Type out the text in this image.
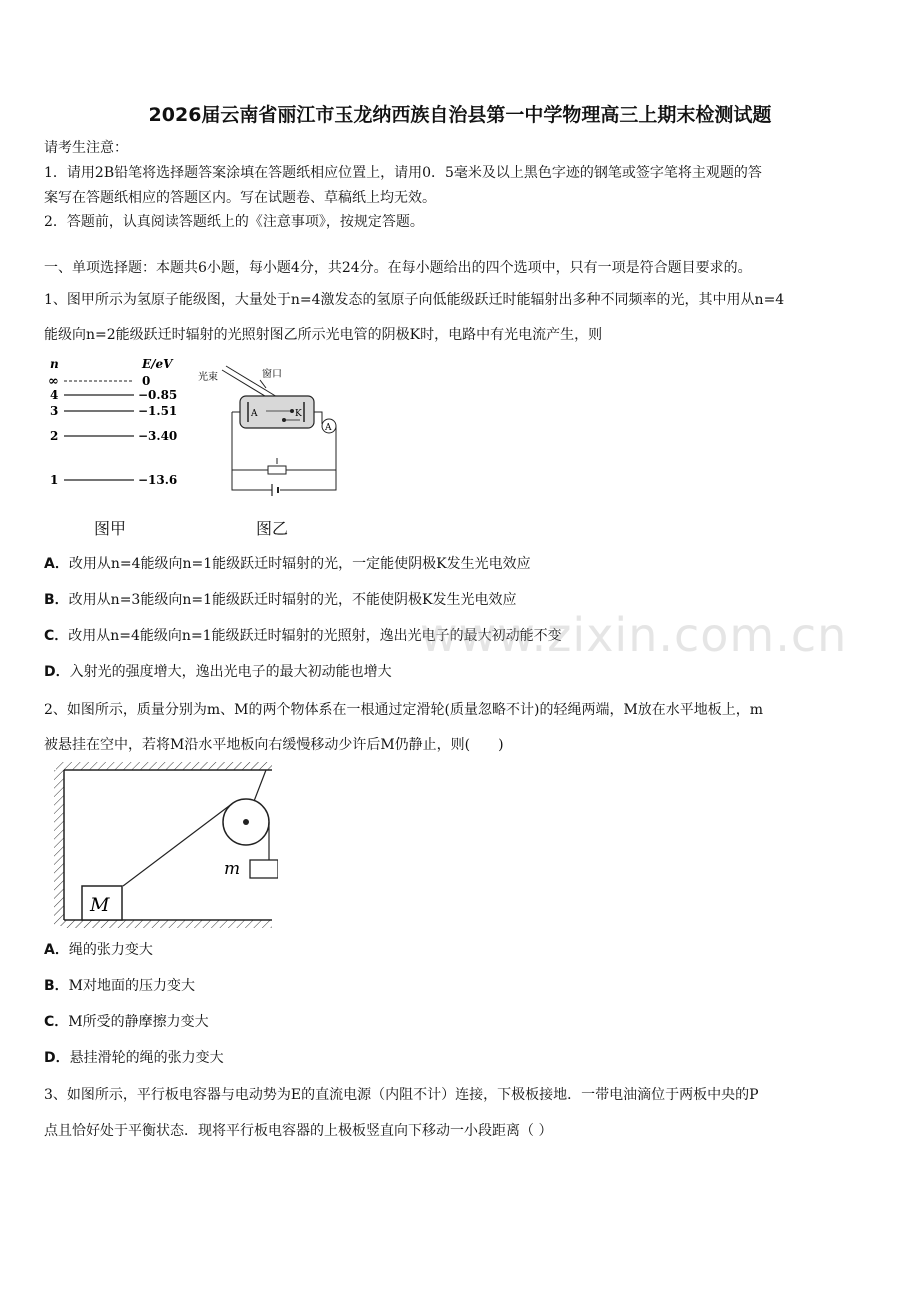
2026届云南省丽江市玉龙纳西族自治县第一中学物理高三上期末检测试题
请考生注意：
1．请用2B铅笔将选择题答案涂填在答题纸相应位置上，请用0．5毫米及以上黑色字迹的钢笔或签字笔将主观题的答
案写在答题纸相应的答题区内。写在试题卷、草稿纸上均无效。
2．答题前，认真阅读答题纸上的《注意事项》，按规定答题。
一、单项选择题：本题共6小题，每小题4分，共24分。在每小题给出的四个选项中，只有一项是符合题目要求的。
1、图甲所示为氢原子能级图，大量处于n=4激发态的氢原子向低能级跃迁时能辐射出多种不同频率的光，其中用从n=4
能级向n=2能级跃迁时辐射的光照射图乙所示光电管的阴极K时，电路中有光电流产生，则
n	E/eV
∞	0
4	−0.85
3	−1.51
2	−3.40
1	−13.6
光束	窗口
A	K
A
图甲	图乙
A．改用从n=4能级向n=1能级跃迁时辐射的光，一定能使阴极K发生光电效应
B．改用从n=3能级向n=1能级跃迁时辐射的光，不能使阴极K发生光电效应
C．改用从n=4能级向n=1能级跃迁时辐射的光照射，逸出光电子的最大初动能不变
D．入射光的强度增大，逸出光电子的最大初动能也增大
www.zixin.com.cn
2、如图所示，质量分别为m、M的两个物体系在一根通过定滑轮(质量忽略不计)的轻绳两端，M放在水平地板上，m
被悬挂在空中，若将M沿水平地板向右缓慢移动少许后M仍静止，则(　　)
m
M
A．绳的张力变大
B．M对地面的压力变大
C．M所受的静摩擦力变大
D．悬挂滑轮的绳的张力变大
3、如图所示，平行板电容器与电动势为E的直流电源（内阻不计）连接，下极板接地．一带电油滴位于两板中央的P
点且恰好处于平衡状态．现将平行板电容器的上极板竖直向下移动一小段距离（ ）
